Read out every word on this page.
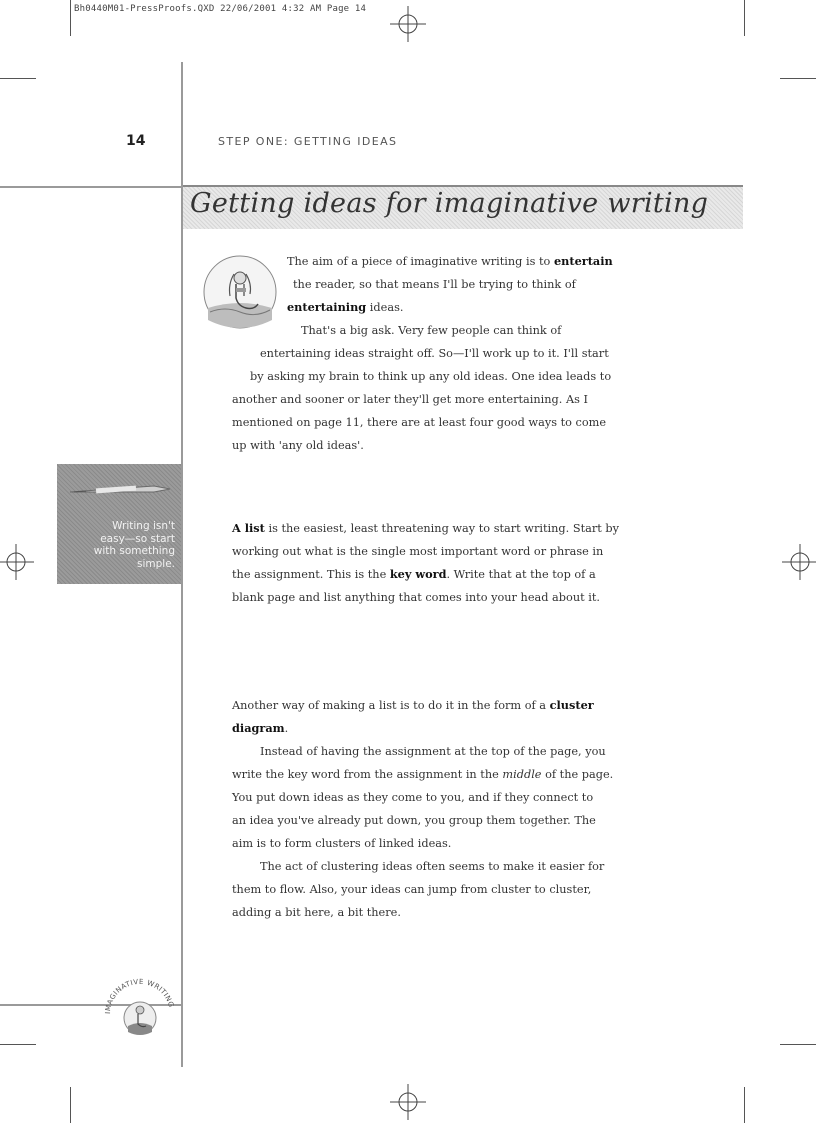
Bh0440M01-PressProofs.QXD 22/06/2001 4:32 AM Page 14
14	STEP ONE: GETTING IDEAS
Getting ideas for imaginative writing
The aim of a piece of imaginative writing is to entertain
the reader, so that means I'll be trying to think of
entertaining ideas.
That's a big ask. Very few people can think of
entertaining ideas straight off. So—I'll work up to it. I'll start
by asking my brain to think up any old ideas. One idea leads to
another and sooner or later they'll get more entertaining. As I
mentioned on page 11, there are at least four good ways to come
up with 'any old ideas'.
Writing isn't
easy—so start
with something
simple.
A list is the easiest, least threatening way to start writing. Start by
working out what is the single most important word or phrase in
the assignment. This is the key word. Write that at the top of a
blank page and list anything that comes into your head about it.
Another way of making a list is to do it in the form of a cluster
diagram.
Instead of having the assignment at the top of the page, you
write the key word from the assignment in the middle of the page.
You put down ideas as they come to you, and if they connect to
an idea you've already put down, you group them together. The
aim is to form clusters of linked ideas.
The act of clustering ideas often seems to make it easier for
them to flow. Also, your ideas can jump from cluster to cluster,
adding a bit here, a bit there.
IMAGINATIVE WRITING
